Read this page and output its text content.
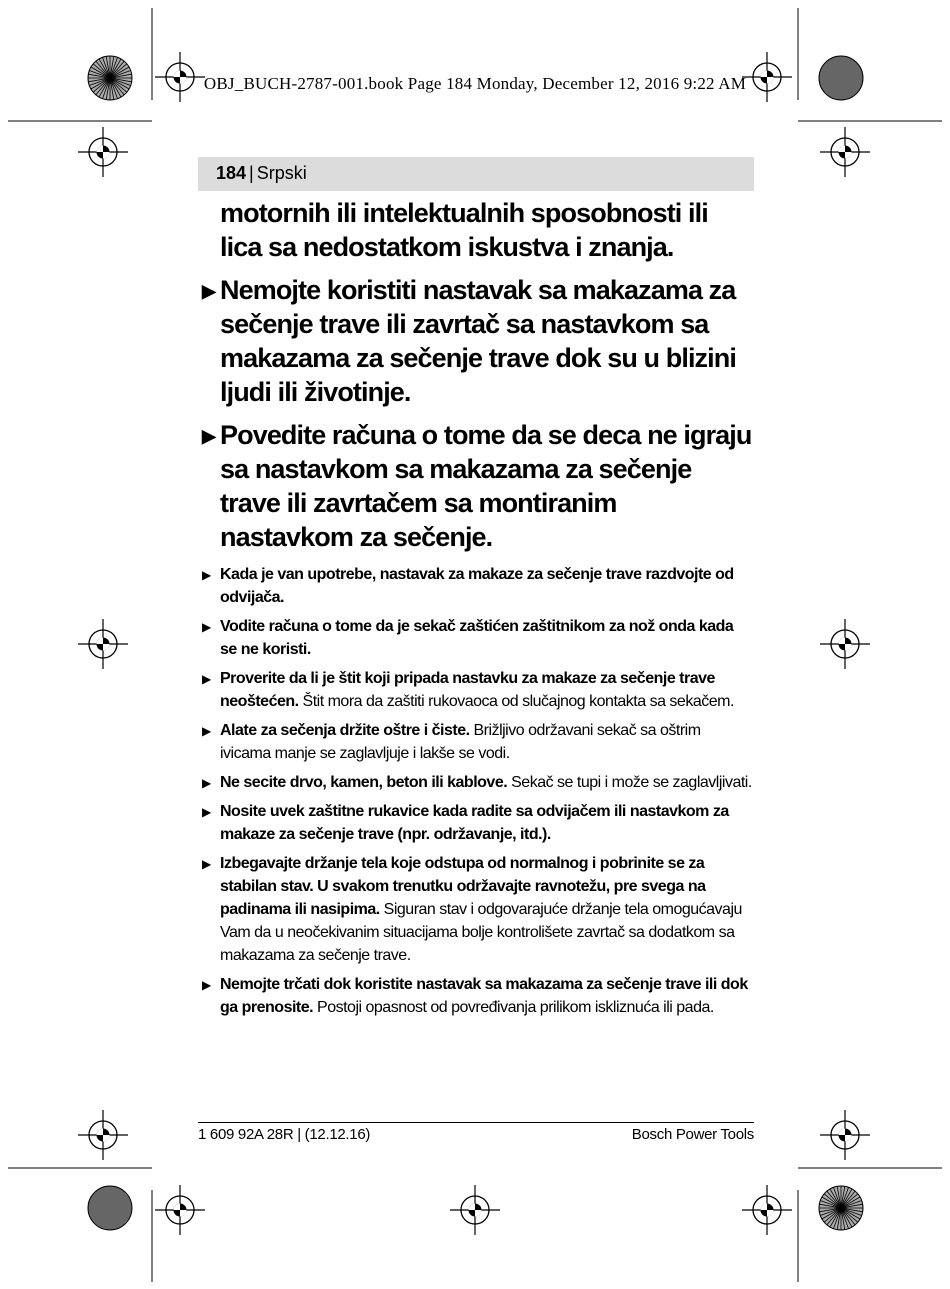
OBJ_BUCH-2787-001.book Page 184 Monday, December 12, 2016 9:22 AM
184 | Srpski
motornih ili intelektualnih sposobnosti ili lica sa nedostatkom iskustva i znanja.
▶ Nemojte koristiti nastavak sa makazama za sečenje trave ili zavrtač sa nastavkom sa makazama za sečenje trave dok su u blizini ljudi ili životinje.
▶ Povedite računa o tome da se deca ne igraju sa nastavkom sa makazama za sečenje trave ili zavrtačem sa montiranim nastavkom za sečenje.
▶ Kada je van upotrebe, nastavak za makaze za sečenje trave razdvojte od odvijača.
▶ Vodite računa o tome da je sekač zaštićen zaštitnikom za nož onda kada se ne koristi.
▶ Proverite da li je štit koji pripada nastavku za makaze za sečenje trave neoštećen. Štit mora da zaštiti rukovaoca od slučajnog kontakta sa sekačem.
▶ Alate za sečenja držite oštre i čiste. Brižljivo održavani sekač sa oštrim ivicama manje se zaglavljuje i lakše se vodi.
▶ Ne secite drvo, kamen, beton ili kablove. Sekač se tupi i može se zaglavljivati.
▶ Nosite uvek zaštitne rukavice kada radite sa odvijačem ili nastavkom za makaze za sečenje trave (npr. održavanje, itd.).
▶ Izbegavajte držanje tela koje odstupa od normalnog i pobrinite se za stabilan stav. U svakom trenutku održavajte ravnotežu, pre svega na padinama ili nasipima. Siguran stav i odgovarajuće držanje tela omogućavaju Vam da u neočekivanim situacijama bolje kontrolišete zavrtač sa dodatkom sa makazama za sečenje trave.
▶ Nemojte trčati dok koristite nastavak sa makazama za sečenje trave ili dok ga prenosite. Postoji opasnost od povređivanja prilikom iskliznuća ili pada.
1 609 92A 28R | (12.12.16)	Bosch Power Tools
